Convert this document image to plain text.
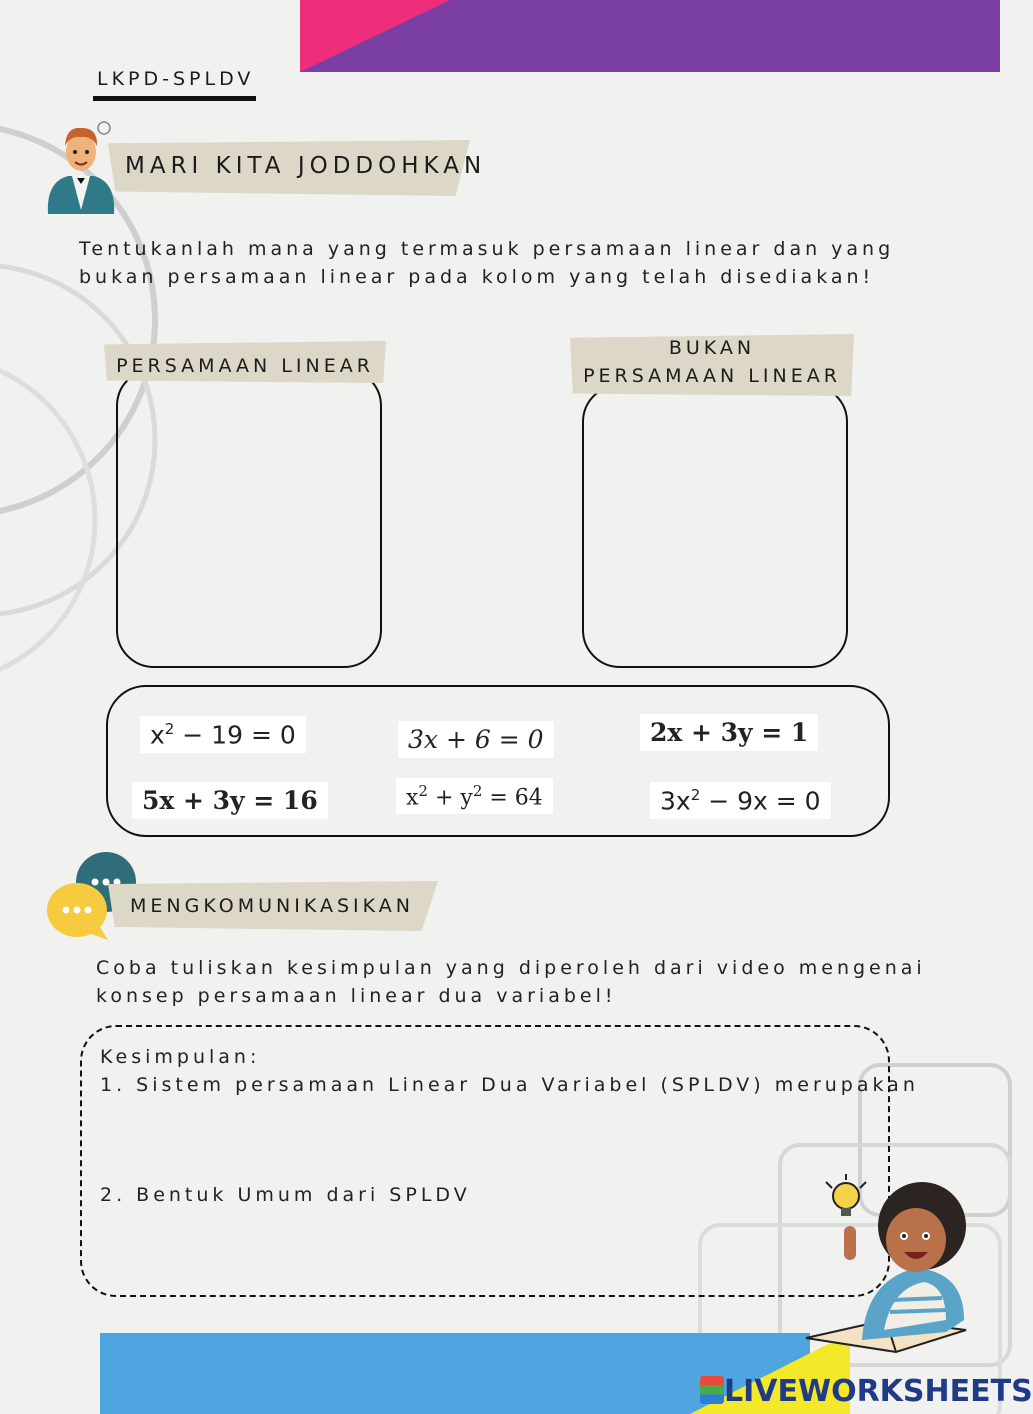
LKPD-SPLDV
MARI KITA JODDOHKAN
Tentukanlah mana yang termasuk persamaan linear dan yang bukan persamaan linear pada kolom yang telah disediakan!
PERSAMAAN LINEAR
BUKAN
PERSAMAAN LINEAR
$x^2 - 19 = 0$	3x + 6 = 0	2x + 3y = 1
5x + 3y = 16	$x^2 + y^2 = 64$	$3x^2 - 9x = 0$
MENGKOMUNIKASIKAN
Coba tuliskan kesimpulan yang diperoleh dari video mengenai konsep persamaan linear dua variabel!
Kesimpulan:
1. Sistem persamaan Linear Dua Variabel (SPLDV) merupakan
2. Bentuk Umum dari SPLDV
LIVEWORKSHEETS
